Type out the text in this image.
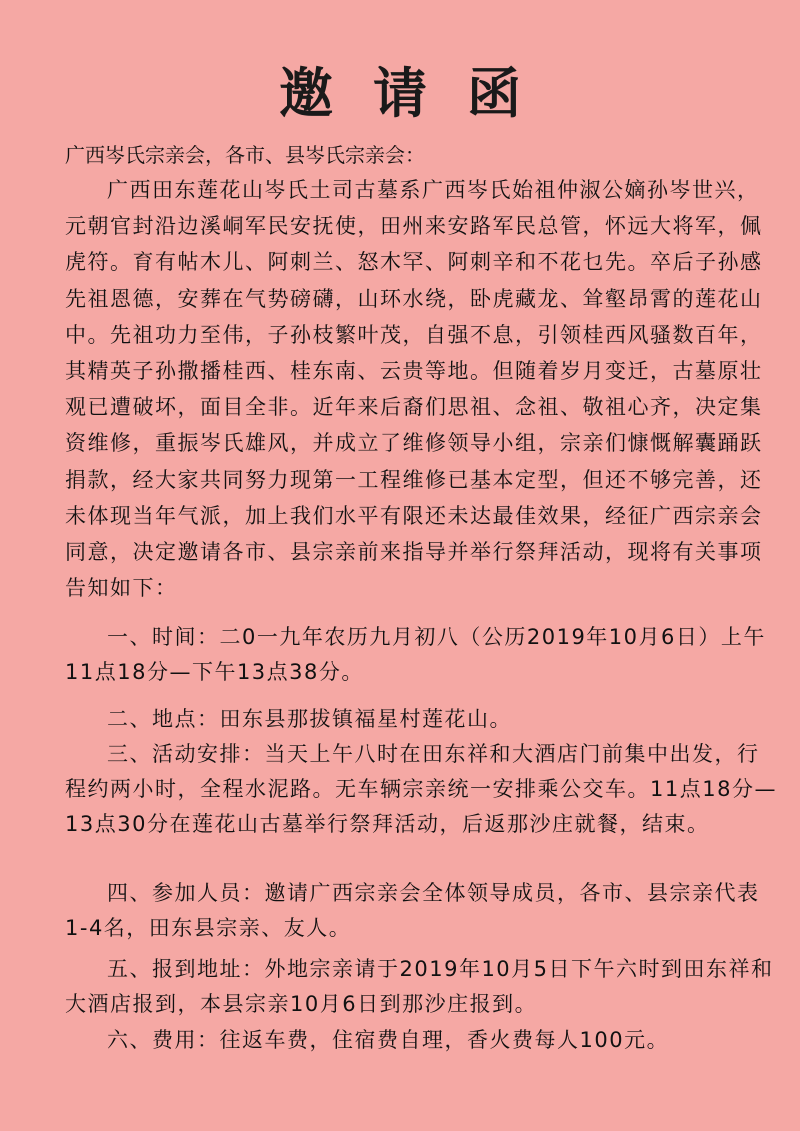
邀请函
广西岑氏宗亲会，各市、县岑氏宗亲会：

广西田东莲花山岑氏土司古墓系广西岑氏始祖仲淑公嫡孙岑世兴，元朝官封沿边溪峒军民安抚使，田州来安路军民总管，怀远大将军，佩虎符。育有帖木儿、阿刺兰、怒木罕、阿刺辛和不花乜先。卒后子孙感先祖恩德，安葬在气势磅礴，山环水绕，卧虎藏龙、耸壑昂霄的莲花山中。先祖功力至伟，子孙枝繁叶茂，自强不息，引领桂西风骚数百年，其精英子孙撒播桂西、桂东南、云贵等地。但随着岁月变迁，古墓原壮观已遭破坏，面目全非。近年来后裔们思祖、念祖、敬祖心齐，决定集资维修，重振岑氏雄风，并成立了维修领导小组，宗亲们慷慨解囊踊跃捐款，经大家共同努力现第一工程维修已基本定型，但还不够完善，还未体现当年气派，加上我们水平有限还未达最佳效果，经征广西宗亲会同意，决定邀请各市、县宗亲前来指导并举行祭拜活动，现将有关事项告知如下：

一、时间：二0一九年农历九月初八（公历2019年10月6日）上午11点18分—下午13点38分。

二、地点：田东县那拔镇福星村莲花山。

三、活动安排：当天上午八时在田东祥和大酒店门前集中出发，行程约两小时，全程水泥路。无车辆宗亲统一安排乘公交车。11点18分—13点30分在莲花山古墓举行祭拜活动，后返那沙庄就餐，结束。

四、参加人员：邀请广西宗亲会全体领导成员，各市、县宗亲代表1-4名，田东县宗亲、友人。

五、报到地址：外地宗亲请于2019年10月5日下午六时到田东祥和大酒店报到，本县宗亲10月6日到那沙庄报到。

六、费用：往返车费，住宿费自理，香火费每人100元。
